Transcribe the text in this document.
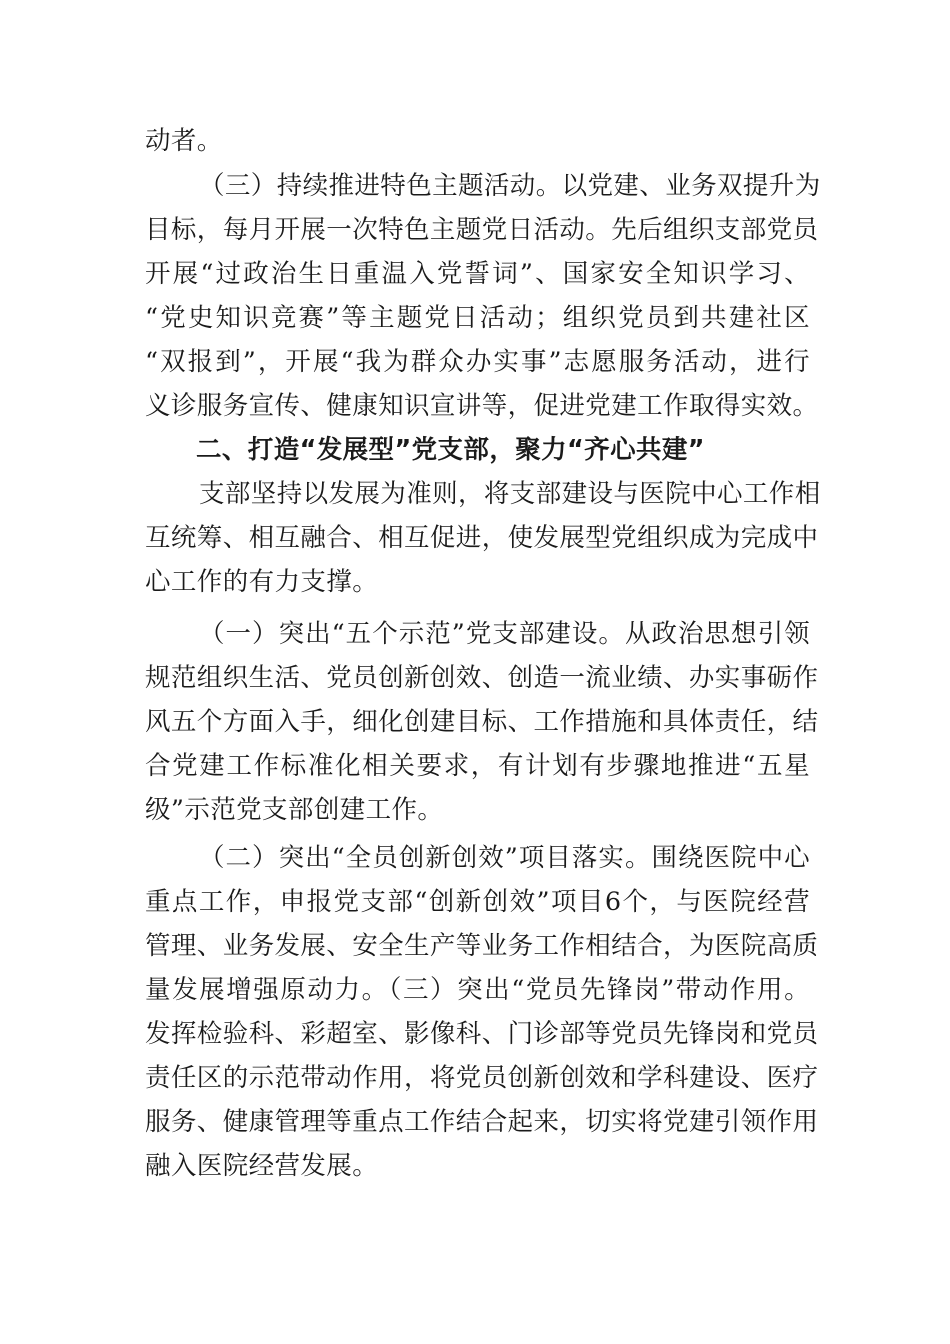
动者。
（三）持续推进特色主题活动。以党建、业务双提升为
目标，每月开展一次特色主题党日活动。先后组织支部党员
开展“过政治生日重温入党誓词”、国家安全知识学习、
“党史知识竞赛”等主题党日活动；组织党员到共建社区
“双报到”，开展“我为群众办实事”志愿服务活动，进行
义诊服务宣传、健康知识宣讲等，促进党建工作取得实效。
二、打造“发展型”党支部，聚力“齐心共建”
支部坚持以发展为准则，将支部建设与医院中心工作相
互统筹、相互融合、相互促进，使发展型党组织成为完成中
心工作的有力支撑。
（一）突出“五个示范”党支部建设。从政治思想引领
规范组织生活、党员创新创效、创造一流业绩、办实事砺作
风五个方面入手，细化创建目标、工作措施和具体责任，结
合党建工作标准化相关要求，有计划有步骤地推进“五星
级”示范党支部创建工作。
（二）突出“全员创新创效”项目落实。围绕医院中心
重点工作，申报党支部“创新创效”项目6个，与医院经营
管理、业务发展、安全生产等业务工作相结合，为医院高质
量发展增强原动力。（三）突出“党员先锋岗”带动作用。
发挥检验科、彩超室、影像科、门诊部等党员先锋岗和党员
责任区的示范带动作用，将党员创新创效和学科建设、医疗
服务、健康管理等重点工作结合起来，切实将党建引领作用
融入医院经营发展。
